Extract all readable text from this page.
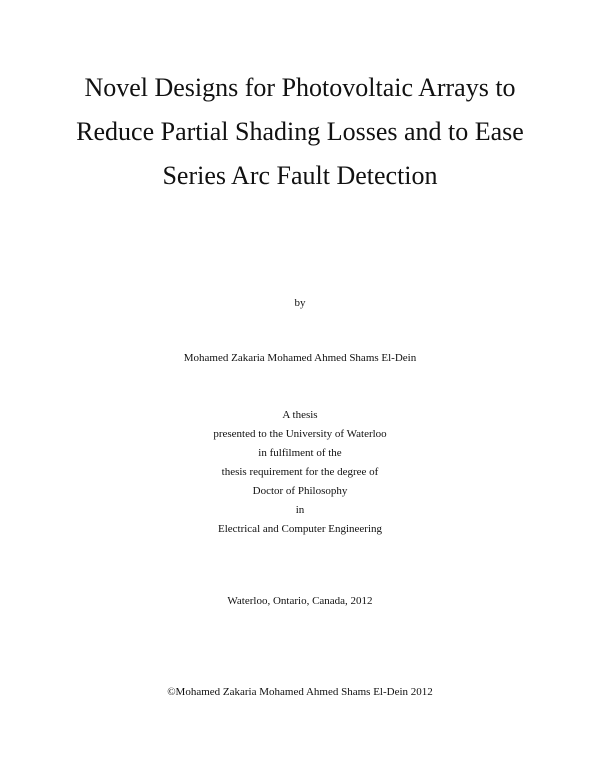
Novel Designs for Photovoltaic Arrays to
Reduce Partial Shading Losses and to Ease
Series Arc Fault Detection
by
Mohamed Zakaria Mohamed Ahmed Shams El-Dein
A thesis
presented to the University of Waterloo
in fulfilment of the
thesis requirement for the degree of
Doctor of Philosophy
in
Electrical and Computer Engineering
Waterloo, Ontario, Canada, 2012
©Mohamed Zakaria Mohamed Ahmed Shams El-Dein 2012
